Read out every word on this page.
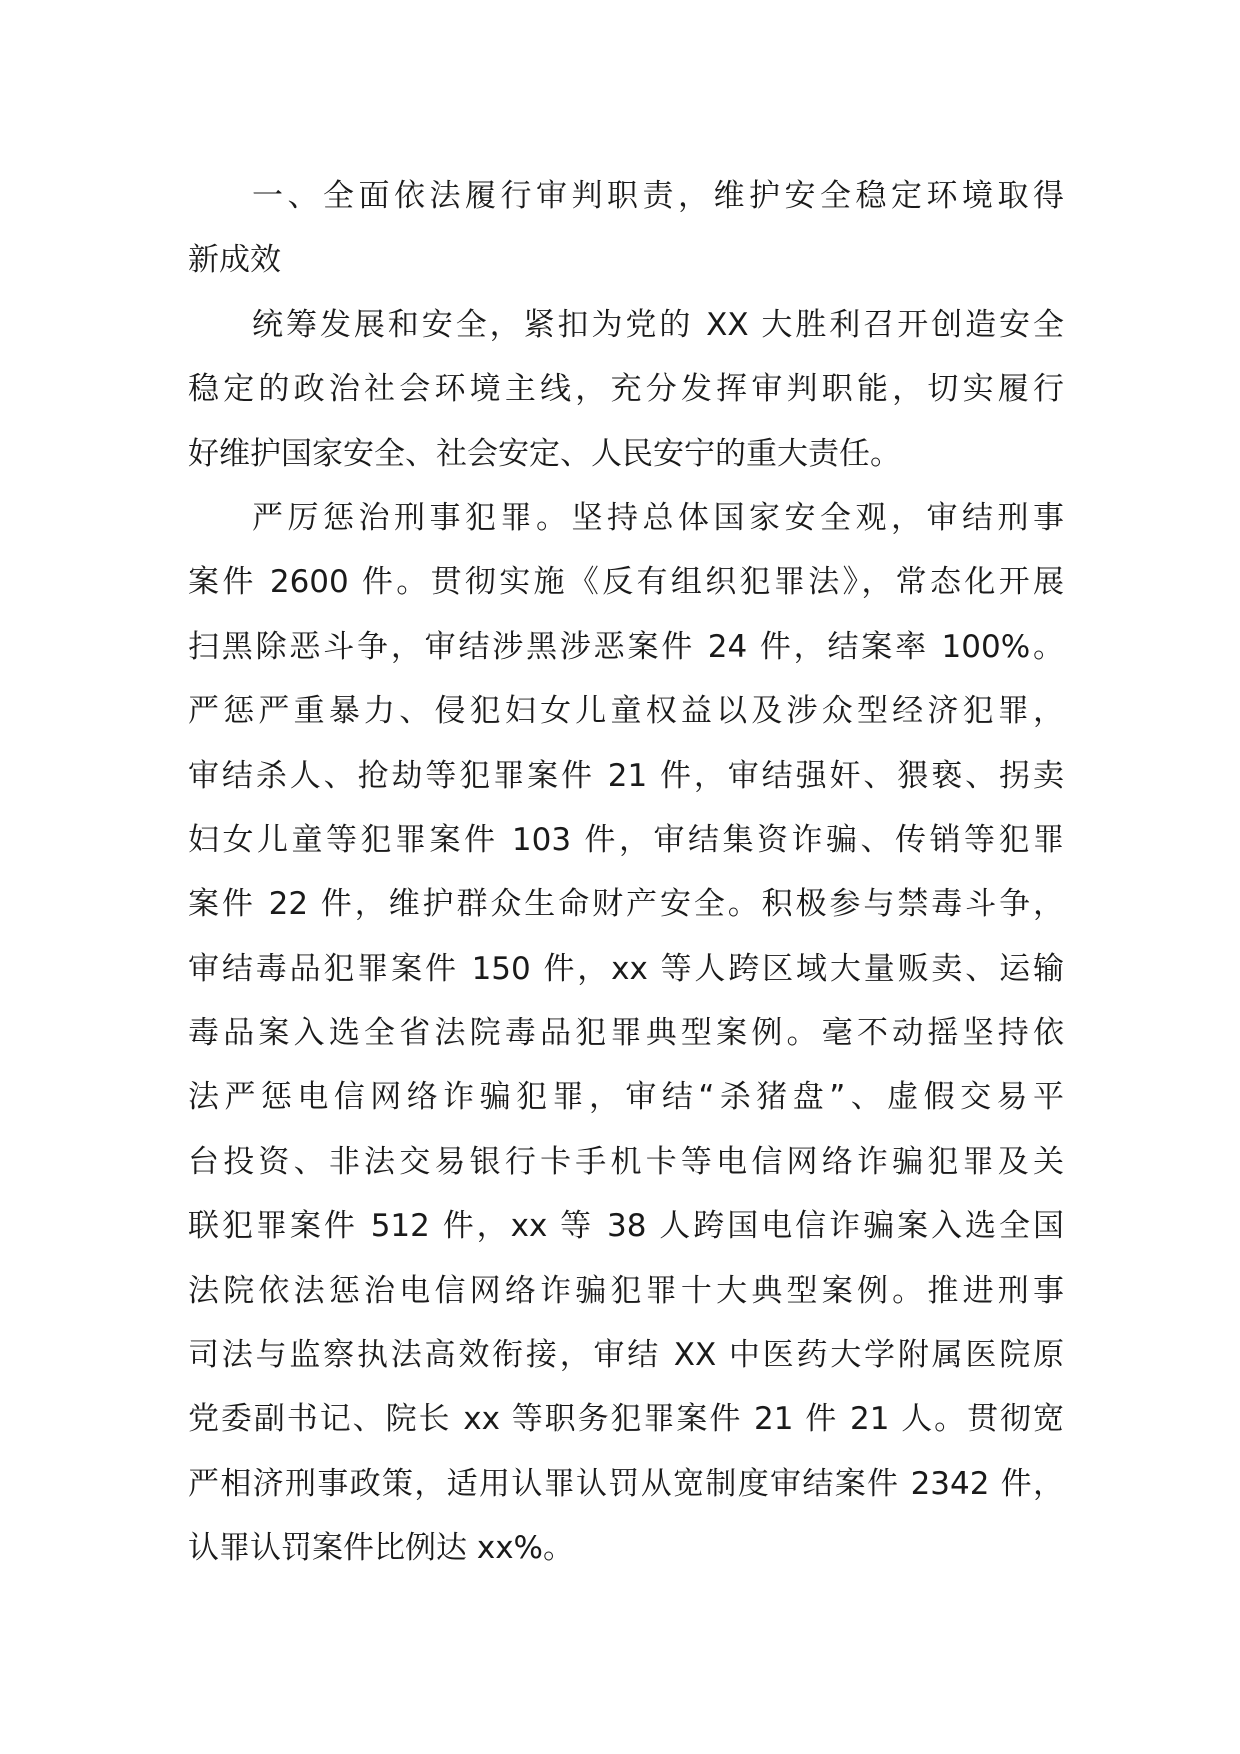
一、全面依法履行审判职责，维护安全稳定环境取得
新成效
统筹发展和安全，紧扣为党的 XX 大胜利召开创造安全
稳定的政治社会环境主线，充分发挥审判职能，切实履行
好维护国家安全、社会安定、人民安宁的重大责任。
严厉惩治刑事犯罪。坚持总体国家安全观，审结刑事
案件 2600 件。贯彻实施《反有组织犯罪法》，常态化开展
扫黑除恶斗争，审结涉黑涉恶案件 24 件，结案率 100%。
严惩严重暴力、侵犯妇女儿童权益以及涉众型经济犯罪，
审结杀人、抢劫等犯罪案件 21 件，审结强奸、猥亵、拐卖
妇女儿童等犯罪案件 103 件，审结集资诈骗、传销等犯罪
案件 22 件，维护群众生命财产安全。积极参与禁毒斗争，
审结毒品犯罪案件 150 件，xx 等人跨区域大量贩卖、运输
毒品案入选全省法院毒品犯罪典型案例。毫不动摇坚持依
法严惩电信网络诈骗犯罪，审结“杀猪盘”、虚假交易平
台投资、非法交易银行卡手机卡等电信网络诈骗犯罪及关
联犯罪案件 512 件，xx 等 38 人跨国电信诈骗案入选全国
法院依法惩治电信网络诈骗犯罪十大典型案例。推进刑事
司法与监察执法高效衔接，审结 XX 中医药大学附属医院原
党委副书记、院长 xx 等职务犯罪案件 21 件 21 人。贯彻宽
严相济刑事政策，适用认罪认罚从宽制度审结案件 2342 件，
认罪认罚案件比例达 xx%。
